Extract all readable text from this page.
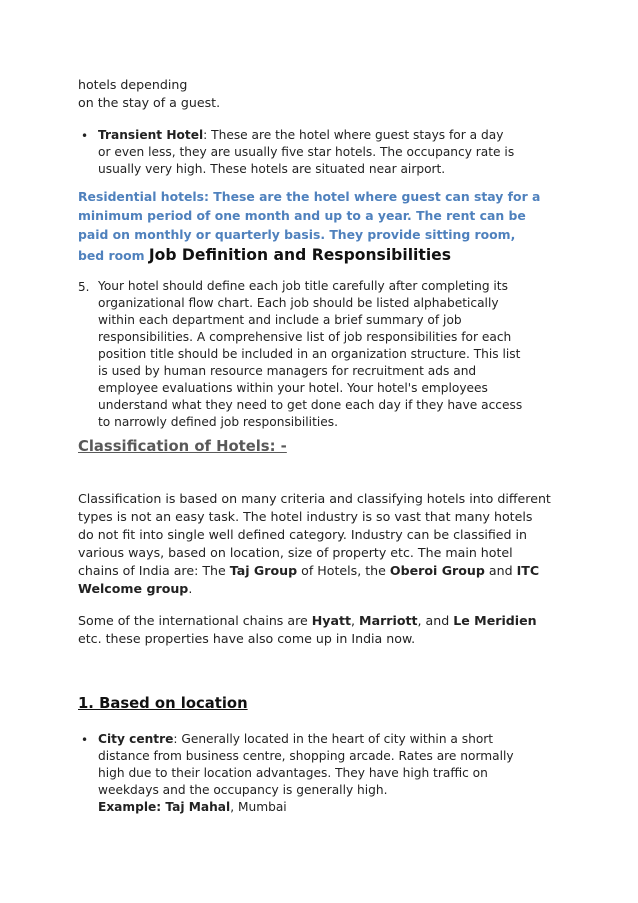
hotels depending
on the stay of a guest.
• Transient Hotel: These are the hotel where guest stays for a day
or even less, they are usually five star hotels. The occupancy rate is
usually very high. These hotels are situated near airport.
Residential hotels: These are the hotel where guest can stay for a
minimum period of one month and up to a year. The rent can be
paid on monthly or quarterly basis. They provide sitting room,
bed room Job Definition and Responsibilities
5. Your hotel should define each job title carefully after completing its
organizational flow chart. Each job should be listed alphabetically
within each department and include a brief summary of job
responsibilities. A comprehensive list of job responsibilities for each
position title should be included in an organization structure. This list
is used by human resource managers for recruitment ads and
employee evaluations within your hotel. Your hotel's employees
understand what they need to get done each day if they have access
to narrowly defined job responsibilities.
Classification of Hotels: -
Classification is based on many criteria and classifying hotels into different
types is not an easy task. The hotel industry is so vast that many hotels
do not fit into single well defined category. Industry can be classified in
various ways, based on location, size of property etc. The main hotel
chains of India are: The Taj Group of Hotels, the Oberoi Group and ITC
Welcome group.
Some of the international chains are Hyatt, Marriott, and Le Meridien
etc. these properties have also come up in India now.
1. Based on location
• City centre: Generally located in the heart of city within a short
distance from business centre, shopping arcade. Rates are normally
high due to their location advantages. They have high traffic on
weekdays and the occupancy is generally high.
Example: Taj Mahal, Mumbai
